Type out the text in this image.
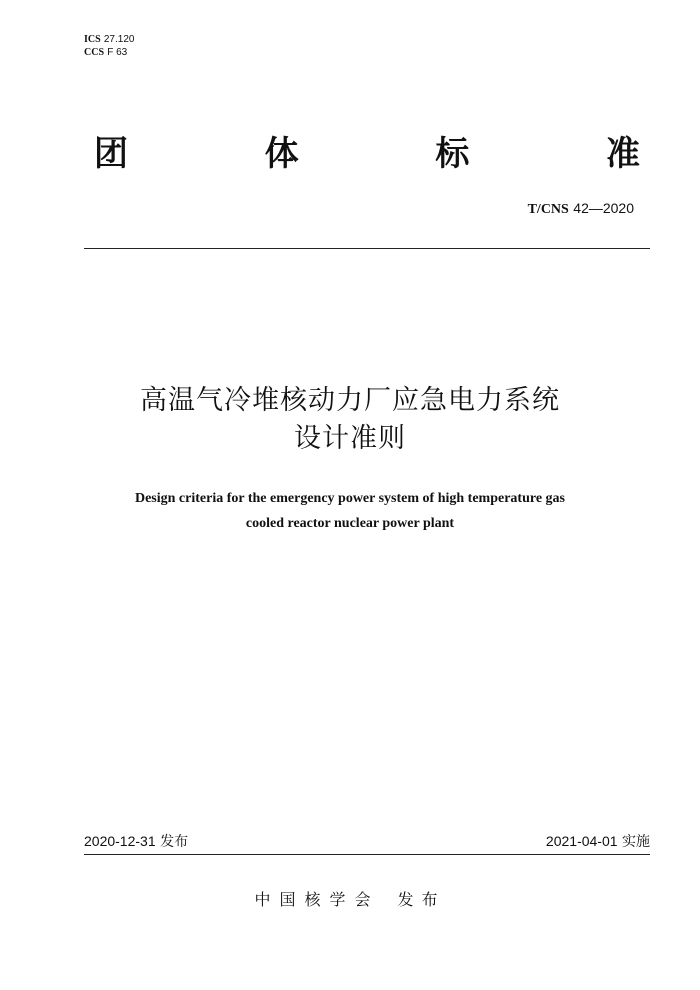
ICS 27.120
CCS F 63
团	体	标	准
T/CNS 42—2020
高温气冷堆核动力厂应急电力系统
设计准则
Design criteria for the emergency power system of high temperature gas
cooled reactor nuclear power plant
2020-12-31 发布	2021-04-01 实施
中国核学会 发布
